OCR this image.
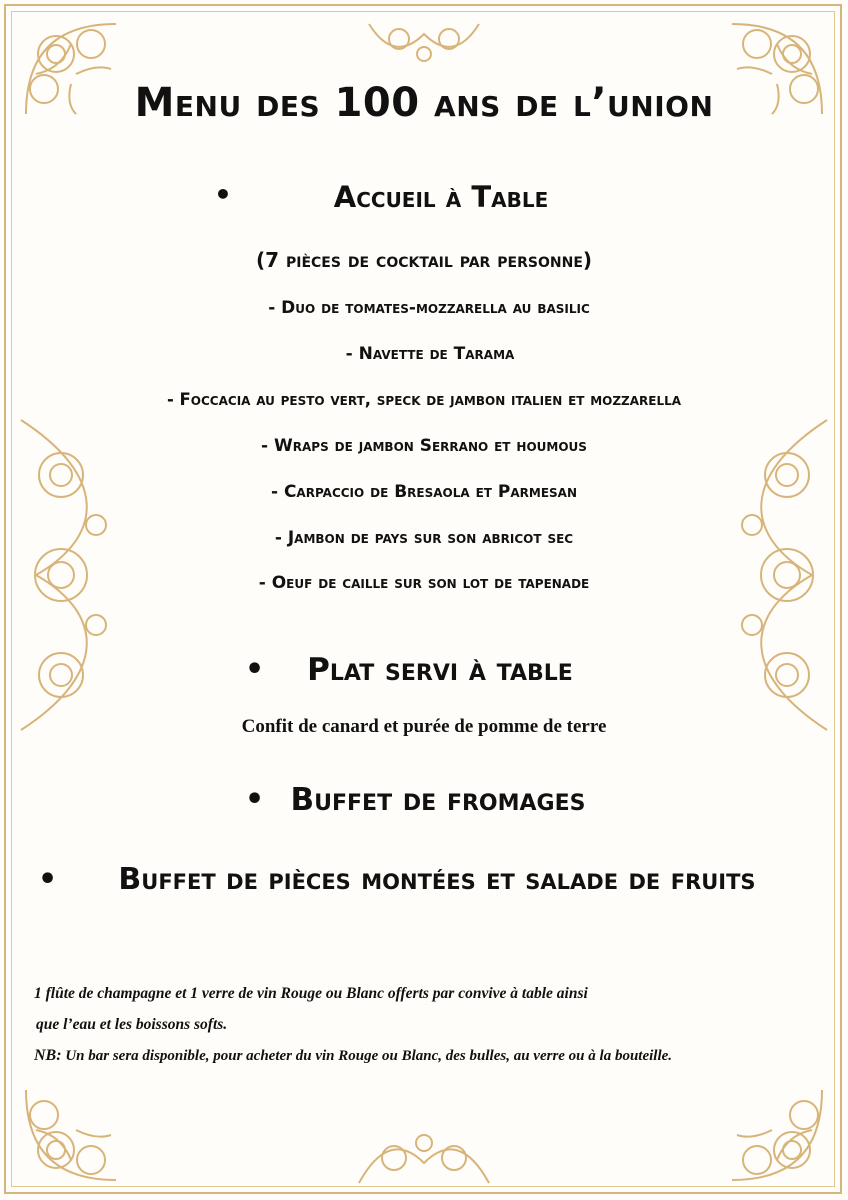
Menu des 100 ans de l’union
•	Accueil à Table
(7 pièces de cocktail par personne)
- Duo de tomates-mozzarella au basilic
- Navette de Tarama
- Foccacia au pesto vert, speck de jambon italien et mozzarella
- Wraps de jambon Serrano et houmous
- Carpaccio de Bresaola et Parmesan
- Jambon de pays sur son abricot sec
- Oeuf de caille sur son lot de tapenade
•	Plat servi à table
Confit de canard et purée de pomme de terre
• Buffet de fromages
•	Buffet de pièces montées et salade de fruits
1 flûte de champagne et 1 verre de vin Rouge ou Blanc offerts par convive à table ainsi
que l’eau et les boissons softs.
NB: Un bar sera disponible, pour acheter du vin Rouge ou Blanc, des bulles, au verre ou à la bouteille.
